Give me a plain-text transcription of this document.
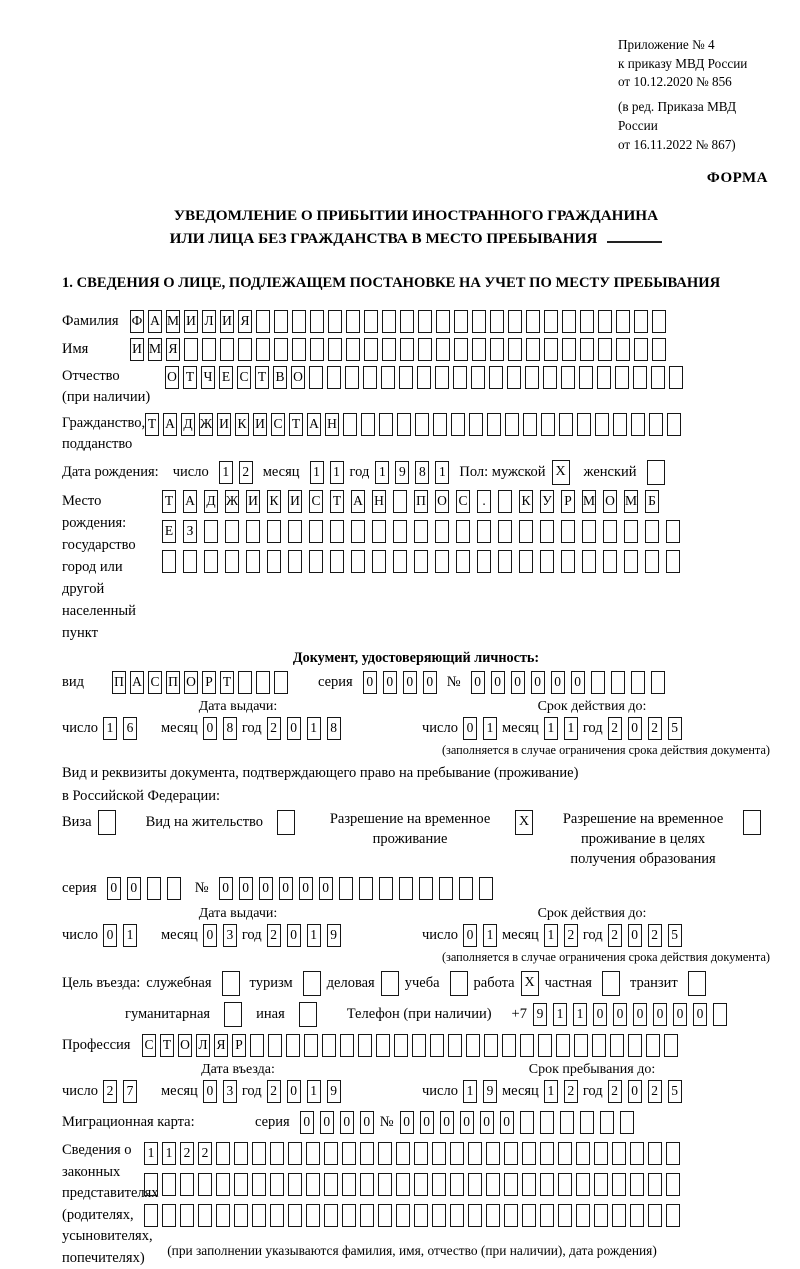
Приложение № 4
к приказу МВД России
от 10.12.2020 № 856
(в ред. Приказа МВД России
от 16.11.2022 № 867)
ФОРМА
УВЕДОМЛЕНИЕ О ПРИБЫТИИ ИНОСТРАННОГО ГРАЖДАНИНА
ИЛИ ЛИЦА БЕЗ ГРАЖДАНСТВА В МЕСТО ПРЕБЫВАНИЯ
1. СВЕДЕНИЯ О ЛИЦЕ, ПОДЛЕЖАЩЕМ ПОСТАНОВКЕ НА УЧЕТ ПО МЕСТУ ПРЕБЫВАНИЯ
Фамилия Ф А М И Л И Я
Имя	И М Я
Отчество
(при наличии)
О Т Ч Е С Т В О
Гражданство,
подданство
Т А Д Ж И К И С Т А Н
Дата рождения: число 1 2 месяц 1 1 год 1 9 8 1 Пол: мужской Х женский
Место рождения:
государство
город или другой
населенный пункт
Т А Д Ж И К И С Т А Н П О С	.	К У Р М О М Б
Е З
Документ, удостоверяющий личность:
вид	П А С П О Р Т	серия 0 0 0 0 № 0 0 0 0 0 0
Дата выдачи:
число 1 6 месяц 0 8 год 2 0 1 8
Срок действия до:
число 0 1 месяц 1 1 год 2 0 2 5
(заполняется в случае ограничения срока действия документа)
Вид и реквизиты документа, подтверждающего право на пребывание (проживание)
в Российской Федерации:
Виза	Вид на жительство	Разрешение на временное
проживание
Х	Разрешение на временное
проживание в целях
получения образования
серия 0 0	№ 0 0 0 0 0 0
Дата выдачи:
число 0 1 месяц 0 3 год 2 0 1 9
Срок действия до:
число 0 1 месяц 1 2 год 2 0 2 5
(заполняется в случае ограничения срока действия документа)
Цель въезда: служебная	туризм деловая учеба работа Х частная	транзит
гуманитарная	иная	Телефон (при наличии) +7 9 1 1 0 0 0 0 0 0
Профессия	С Т О Л Я Р
Дата въезда:
число 2 7 месяц 0 3 год 2 0 1 9
Срок пребывания до:
число 1 9 месяц 1 2 год 2 0 2 5
Миграционная карта:	серия 0 0 0 0 № 0 0 0 0 0 0
Сведения о
законных
представителях
(родителях,
усыновителях,
попечителях)
1 1 2 2
(при заполнении указываются фамилия, имя, отчество (при наличии), дата рождения)
